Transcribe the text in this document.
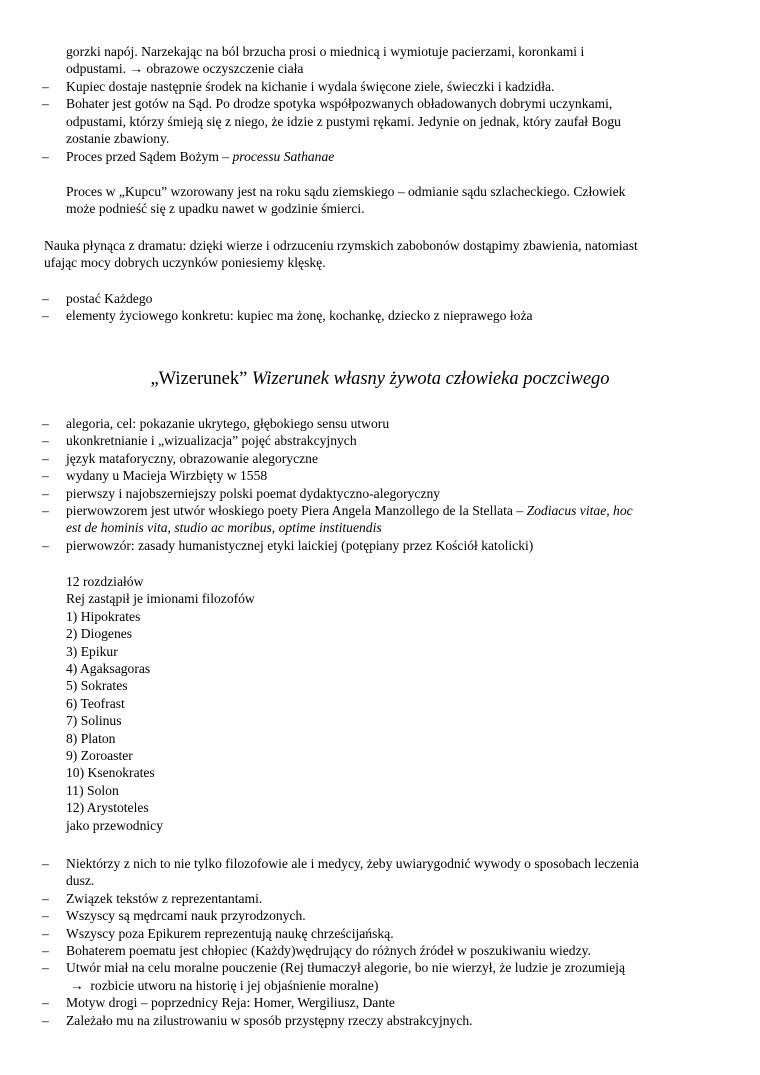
gorzki napój. Narzekając na ból brzucha prosi o miednicą i wymiotuje pacierzami, koronkami i
odpustami. → obrazowe oczyszczenie ciała
– Kupiec dostaje następnie środek na kichanie i wydala święcone ziele, świeczki i kadzidła.
– Bohater jest gotów na Sąd. Po drodze spotyka współpozwanych obładowanych dobrymi uczynkami,
odpustami, którzy śmieją się z niego, że idzie z pustymi rękami. Jedynie on jednak, który zaufał Bogu
zostanie zbawiony.
– Proces przed Sądem Bożym – processu Sathanae
Proces w „Kupcu” wzorowany jest na roku sądu ziemskiego – odmianie sądu szlacheckiego. Człowiek
może podnieść się z upadku nawet w godzinie śmierci.
Nauka płynąca z dramatu: dzięki wierze i odrzuceniu rzymskich zabobonów dostąpimy zbawienia, natomiast
ufając mocy dobrych uczynków poniesiemy klęskę.
– postać Każdego
– elementy życiowego konkretu: kupiec ma żonę, kochankę, dziecko z nieprawego łoża
„Wizerunek” Wizerunek własny żywota człowieka poczciwego
– alegoria, cel: pokazanie ukrytego, głębokiego sensu utworu
– ukonkretnianie i „wizualizacja” pojęć abstrakcyjnych
– język mataforyczny, obrazowanie alegoryczne
– wydany u Macieja Wirzbięty w 1558
– pierwszy i najobszerniejszy polski poemat dydaktyczno-alegoryczny
– pierwowzorem jest utwór włoskiego poety Piera Angela Manzollego de la Stellata – Zodiacus vitae, hoc
est de hominis vita, studio ac moribus, optime instituendis
– pierwowzór: zasady humanistycznej etyki laickiej (potępiany przez Kościół katolicki)
12 rozdziałów
Rej zastąpił je imionami filozofów
1) Hipokrates
2) Diogenes
3) Epikur
4) Agaksagoras
5) Sokrates
6) Teofrast
7) Solinus
8) Platon
9) Zoroaster
10) Ksenokrates
11) Solon
12) Arystoteles
jako przewodnicy
– Niektórzy z nich to nie tylko filozofowie ale i medycy, żeby uwiarygodnić wywody o sposobach leczenia
dusz.
– Związek tekstów z reprezentantami.
– Wszyscy są mędrcami nauk przyrodzonych.
– Wszyscy poza Epikurem reprezentują naukę chrześcijańską.
– Bohaterem poematu jest chłopiec (Każdy)wędrujący do różnych źródeł w poszukiwaniu wiedzy.
– Utwór miał na celu moralne pouczenie (Rej tłumaczył alegorie, bo nie wierzył, że ludzie je zrozumieją
→  rozbicie utworu na historię i jej objaśnienie moralne)
– Motyw drogi – poprzednicy Reja: Homer, Wergiliusz, Dante
– Zależało mu na zilustrowaniu w sposób przystępny rzeczy abstrakcyjnych.
